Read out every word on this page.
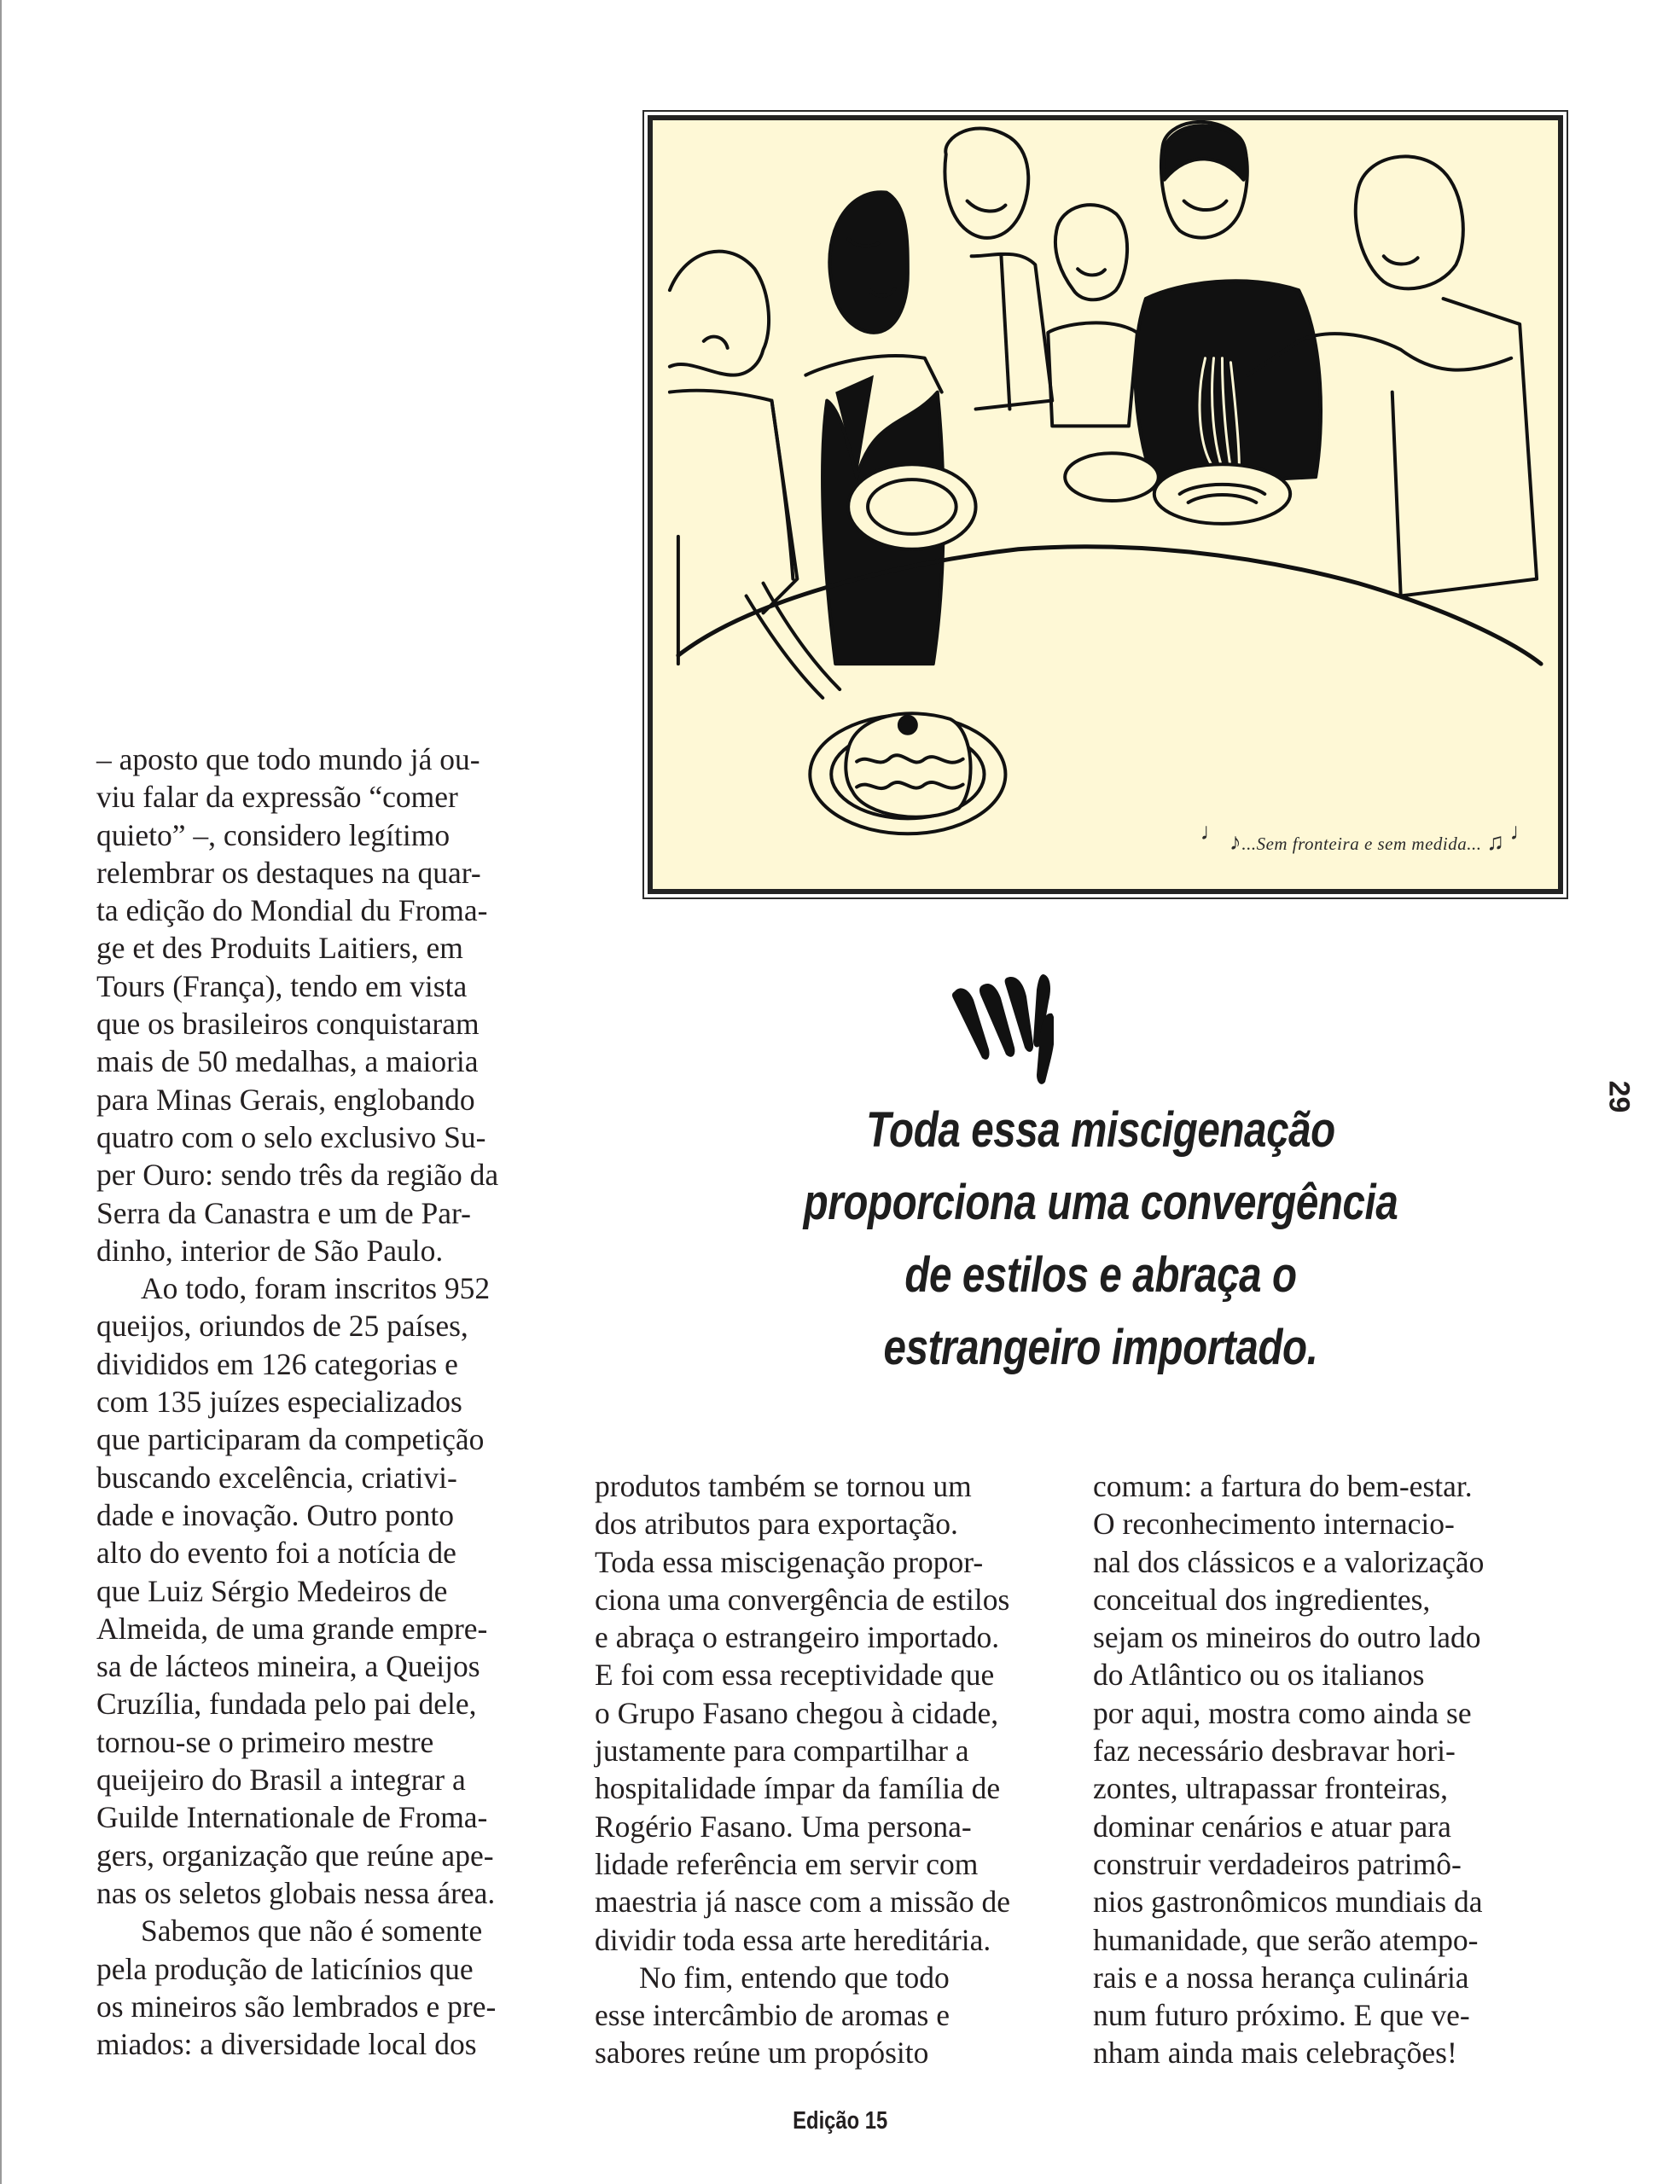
♩ ♪...Sem fronteira e sem medida... ♫ ♩
Toda essa miscigenação
proporciona uma convergência
de estilos e abraça o
estrangeiro importado.
– aposto que todo mundo já ou-
viu falar da expressão “comer
quieto” –, considero legítimo
relembrar os destaques na quar-
ta edição do Mondial du Froma-
ge et des Produits Laitiers, em
Tours (França), tendo em vista
que os brasileiros conquistaram
mais de 50 medalhas, a maioria
para Minas Gerais, englobando
quatro com o selo exclusivo Su-
per Ouro: sendo três da região da
Serra da Canastra e um de Par-
dinho, interior de São Paulo.
Ao todo, foram inscritos 952
queijos, oriundos de 25 países,
divididos em 126 categorias e
com 135 juízes especializados
que participaram da competição
buscando excelência, criativi-
dade e inovação. Outro ponto
alto do evento foi a notícia de
que Luiz Sérgio Medeiros de
Almeida, de uma grande empre-
sa de lácteos mineira, a Queijos
Cruzília, fundada pelo pai dele,
tornou-se o primeiro mestre
queijeiro do Brasil a integrar a
Guilde Internationale de Froma-
gers, organização que reúne ape-
nas os seletos globais nessa área.
Sabemos que não é somente
pela produção de laticínios que
os mineiros são lembrados e pre-
miados: a diversidade local dos
produtos também se tornou um
dos atributos para exportação.
Toda essa miscigenação propor-
ciona uma convergência de estilos
e abraça o estrangeiro importado.
E foi com essa receptividade que
o Grupo Fasano chegou à cidade,
justamente para compartilhar a
hospitalidade ímpar da família de
Rogério Fasano. Uma persona-
lidade referência em servir com
maestria já nasce com a missão de
dividir toda essa arte hereditária.
No fim, entendo que todo
esse intercâmbio de aromas e
sabores reúne um propósito
comum: a fartura do bem-estar.
O reconhecimento internacio-
nal dos clássicos e a valorização
conceitual dos ingredientes,
sejam os mineiros do outro lado
do Atlântico ou os italianos
por aqui, mostra como ainda se
faz necessário desbravar hori-
zontes, ultrapassar fronteiras,
dominar cenários e atuar para
construir verdadeiros patrimô-
nios gastronômicos mundiais da
humanidade, que serão atempo-
rais e a nossa herança culinária
num futuro próximo. E que ve-
nham ainda mais celebrações!
29
Edição 15
